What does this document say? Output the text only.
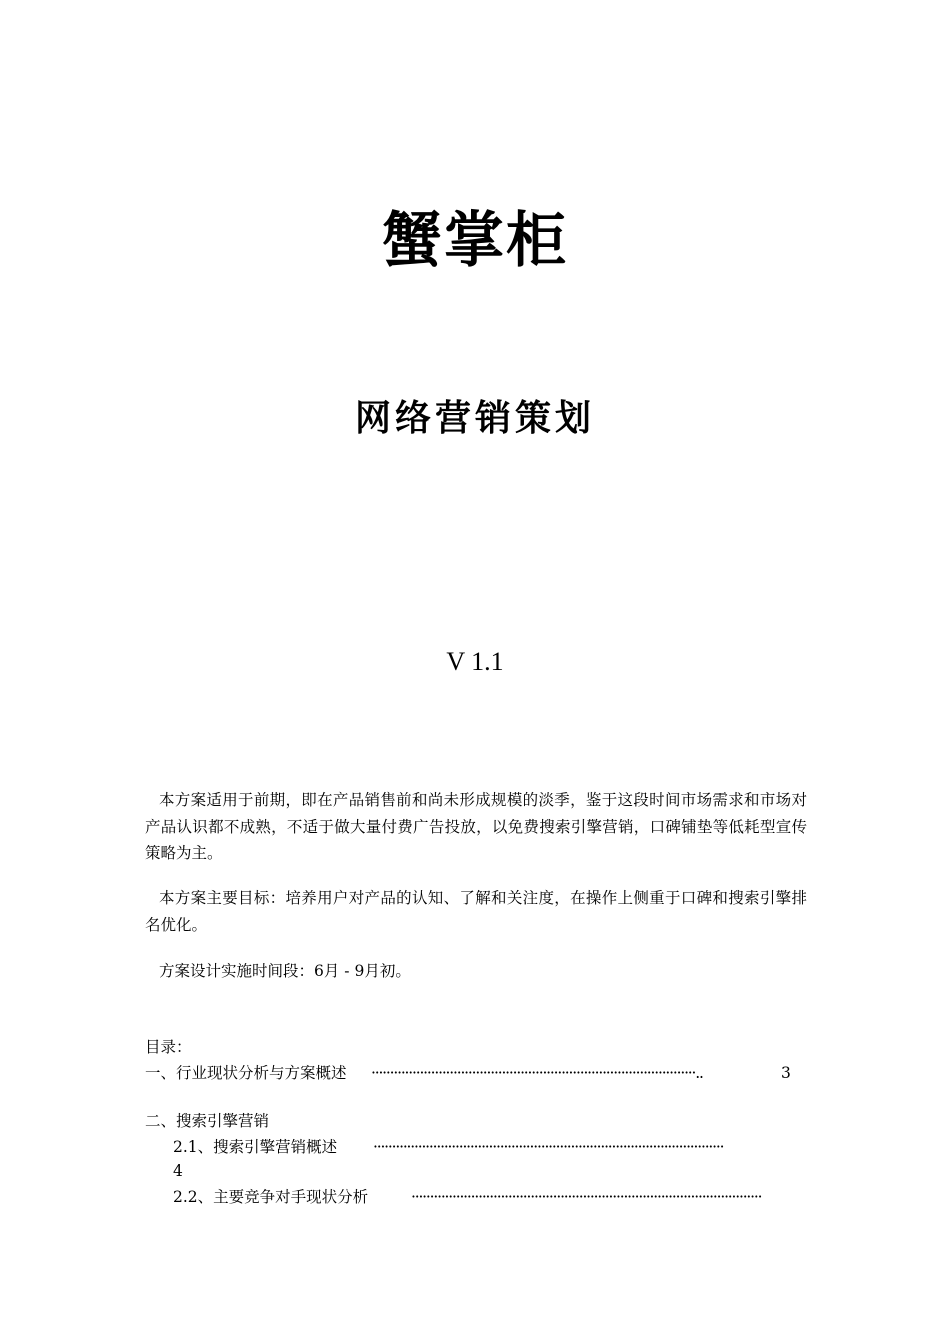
蟹掌柜
网络营销策划
V 1.1
本方案适用于前期，即在产品销售前和尚未形成规模的淡季，鉴于这段时间市场需求和市场对产品认识都不成熟，不适于做大量付费广告投放，以免费搜索引擎营销，口碑铺垫等低耗型宣传策略为主。
本方案主要目标：培养用户对产品的认知、了解和关注度，在操作上侧重于口碑和搜索引擎排名优化。
方案设计实施时间段：6月 - 9月初。
目录：
一、行业现状分析与方案概述 ·······················································································..	3
二、搜索引擎营销
2.1、搜索引擎营销概述 ······························································································
4
2.2、主要竞争对手现状分析	······························································································
